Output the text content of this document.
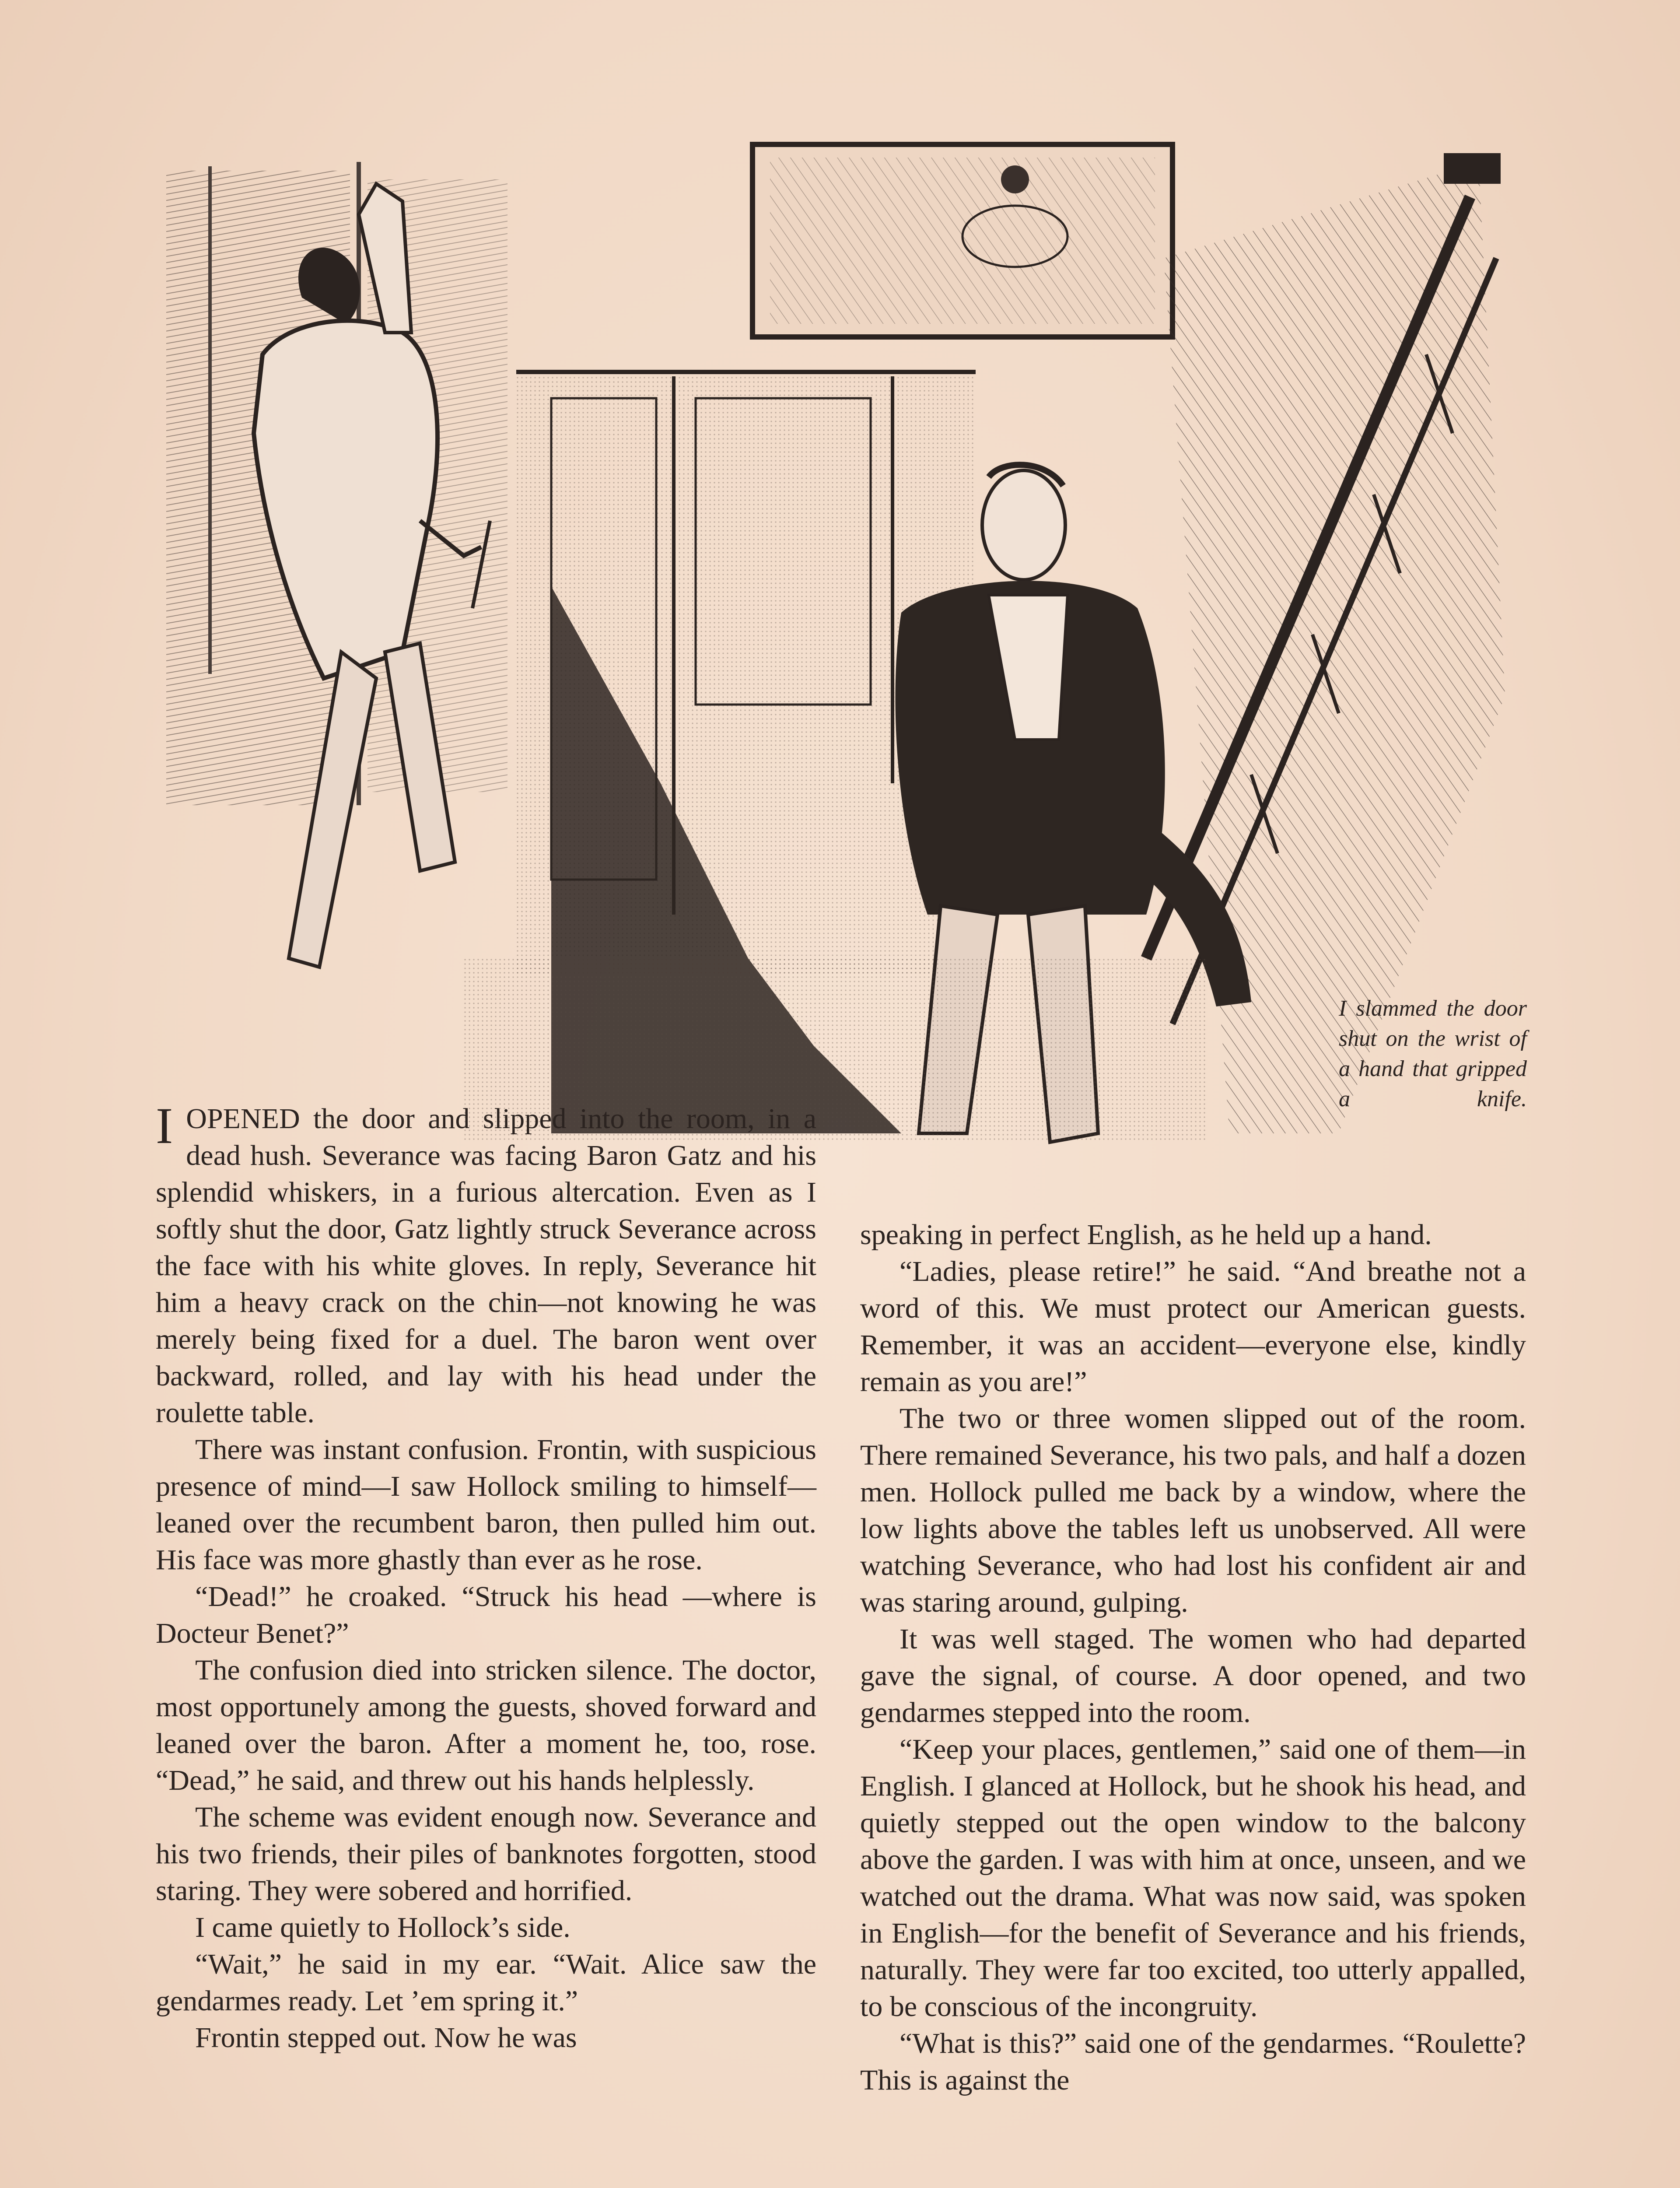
I slammed the door shut on the wrist of a hand that gripped a knife.

IOPENED the door and slipped into the room, in a dead hush. Severance was facing Baron Gatz and his splendid whiskers, in a furious altercation. Even as I softly shut the door, Gatz lightly struck Severance across the face with his white gloves. In reply, Severance hit him a heavy crack on the chin—not knowing he was merely being fixed for a duel. The baron went over backward, rolled, and lay with his head under the roulette table.

There was instant confusion. Frontin, with suspicious presence of mind—I saw Hollock smiling to himself—leaned over the recumbent baron, then pulled him out. His face was more ghastly than ever as he rose.

“Dead!” he croaked. “Struck his head —where is Docteur Benet?”

The confusion died into stricken silence. The doctor, most opportunely among the guests, shoved forward and leaned over the baron. After a moment he, too, rose. “Dead,” he said, and threw out his hands helplessly.

The scheme was evident enough now. Severance and his two friends, their piles of banknotes forgotten, stood staring. They were sobered and horrified.

I came quietly to Hollock’s side.

“Wait,” he said in my ear. “Wait. Alice saw the gendarmes ready. Let ’em spring it.”

Frontin stepped out. Now he was

speaking in perfect English, as he held up a hand.

“Ladies, please retire!” he said. “And breathe not a word of this. We must protect our American guests. Remember, it was an accident—everyone else, kindly remain as you are!”

The two or three women slipped out of the room. There remained Severance, his two pals, and half a dozen men. Hollock pulled me back by a window, where the low lights above the tables left us unobserved. All were watching Severance, who had lost his confident air and was staring around, gulping.

It was well staged. The women who had departed gave the signal, of course. A door opened, and two gendarmes stepped into the room.

“Keep your places, gentlemen,” said one of them—in English. I glanced at Hollock, but he shook his head, and quietly stepped out the open window to the balcony above the garden. I was with him at once, unseen, and we watched out the drama. What was now said, was spoken in English—for the benefit of Severance and his friends, naturally. They were far too excited, too utterly appalled, to be conscious of the incongruity.

“What is this?” said one of the gendarmes. “Roulette? This is against the
